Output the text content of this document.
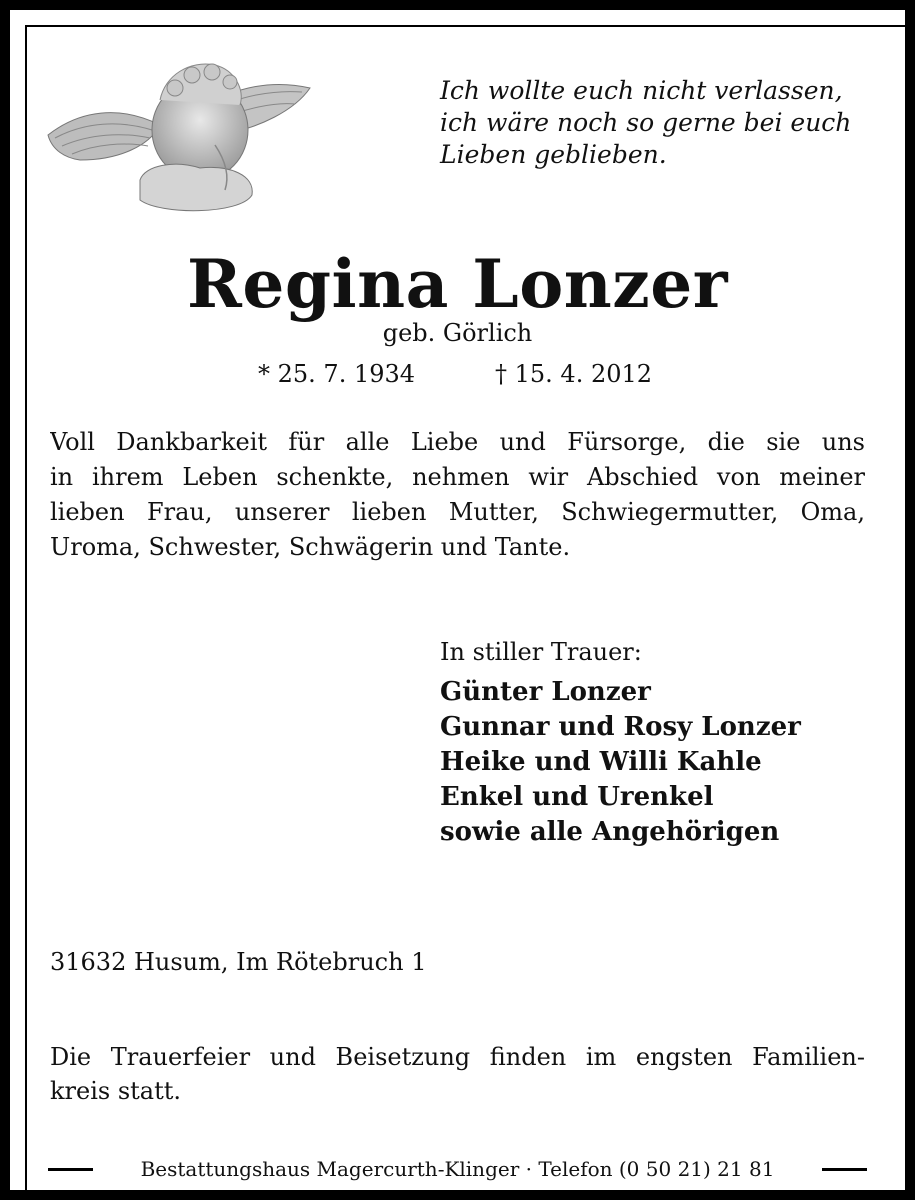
Ich wollte euch nicht verlassen,
ich wäre noch so gerne bei euch
Lieben geblieben.
Regina Lonzer
geb. Görlich
* 25. 7. 1934	† 15. 4. 2012
Voll Dankbarkeit für alle Liebe und Fürsorge, die sie uns
in ihrem Leben schenkte, nehmen wir Abschied von meiner
lieben Frau, unserer lieben Mutter, Schwiegermutter, Oma,
Uroma, Schwester, Schwägerin und Tante.
In stiller Trauer:
Günter Lonzer
Gunnar und Rosy Lonzer
Heike und Willi Kahle
Enkel und Urenkel
sowie alle Angehörigen
31632 Husum, Im Rötebruch 1
Die Trauerfeier und Beisetzung finden im engsten Familien-
kreis statt.
Bestattungshaus Magercurth-Klinger · Telefon (0 50 21) 21 81
